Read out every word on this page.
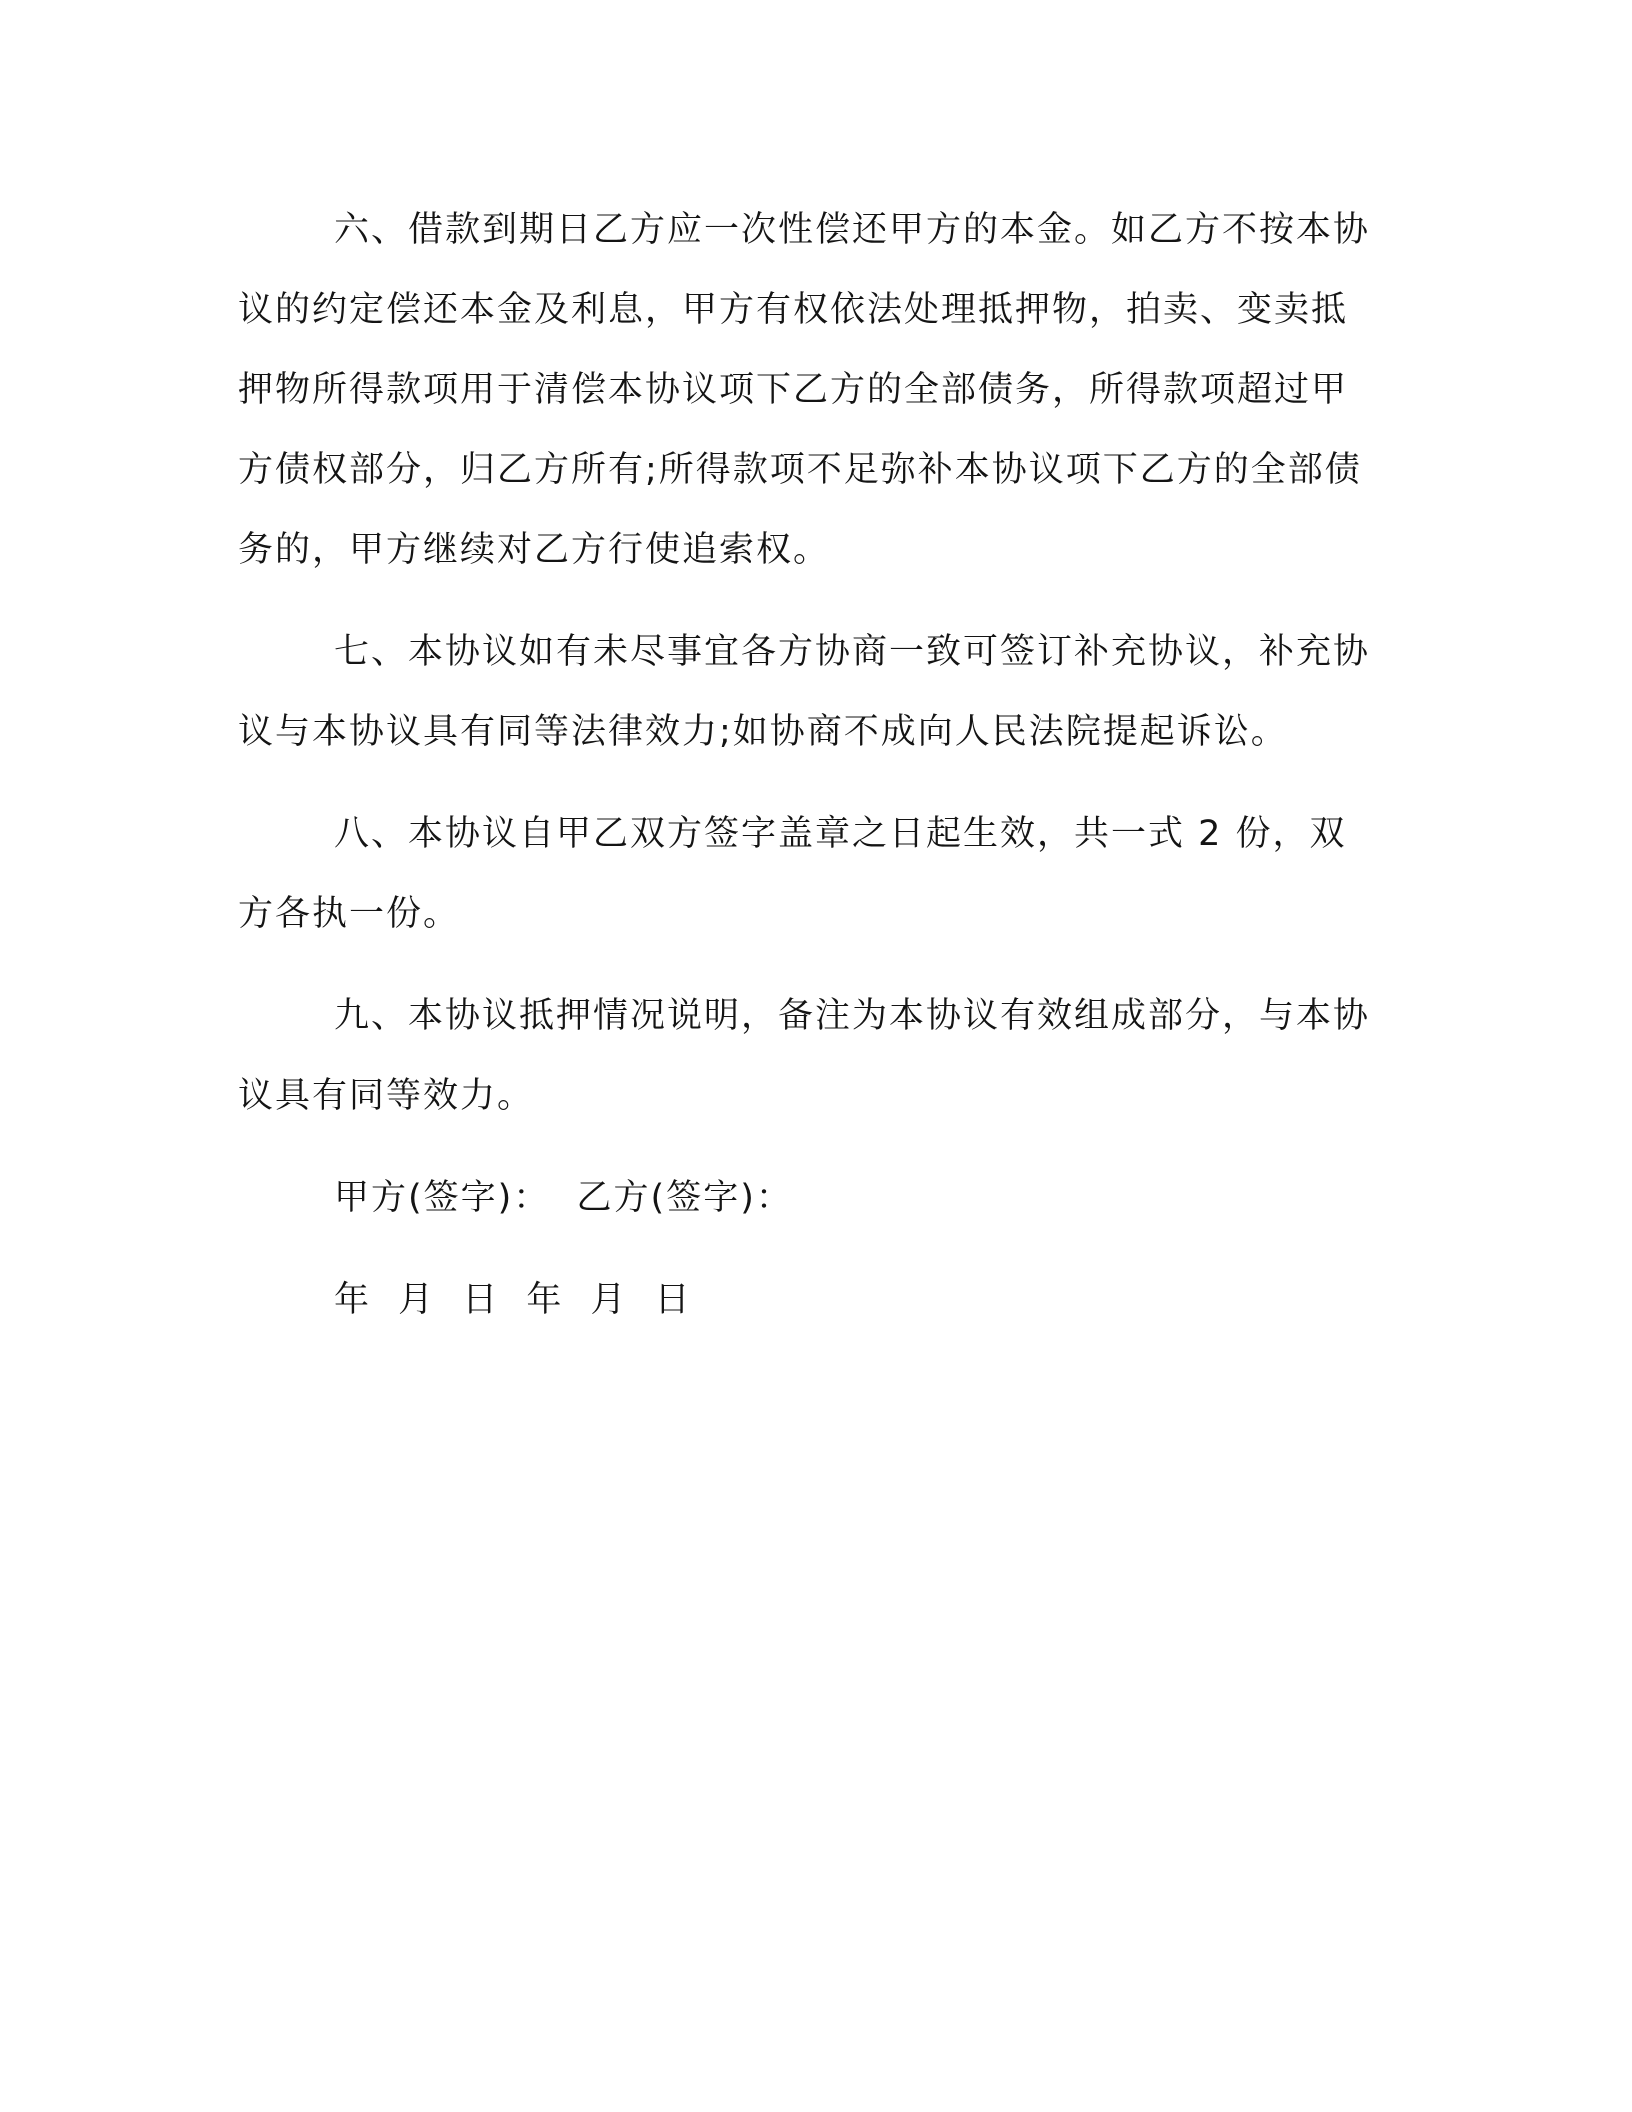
六、借款到期日乙方应一次性偿还甲方的本金。如乙方不按本协议的约定偿还本金及利息，甲方有权依法处理抵押物，拍卖、变卖抵押物所得款项用于清偿本协议项下乙方的全部债务，所得款项超过甲方债权部分，归乙方所有;所得款项不足弥补本协议项下乙方的全部债务的，甲方继续对乙方行使追索权。

七、本协议如有未尽事宜各方协商一致可签订补充协议，补充协议与本协议具有同等法律效力;如协商不成向人民法院提起诉讼。

八、本协议自甲乙双方签字盖章之日起生效，共一式 2 份，双方各执一份。

九、本协议抵押情况说明，备注为本协议有效组成部分，与本协议具有同等效力。

甲方(签字)：  乙方(签字)：
年 月 日 年 月 日
